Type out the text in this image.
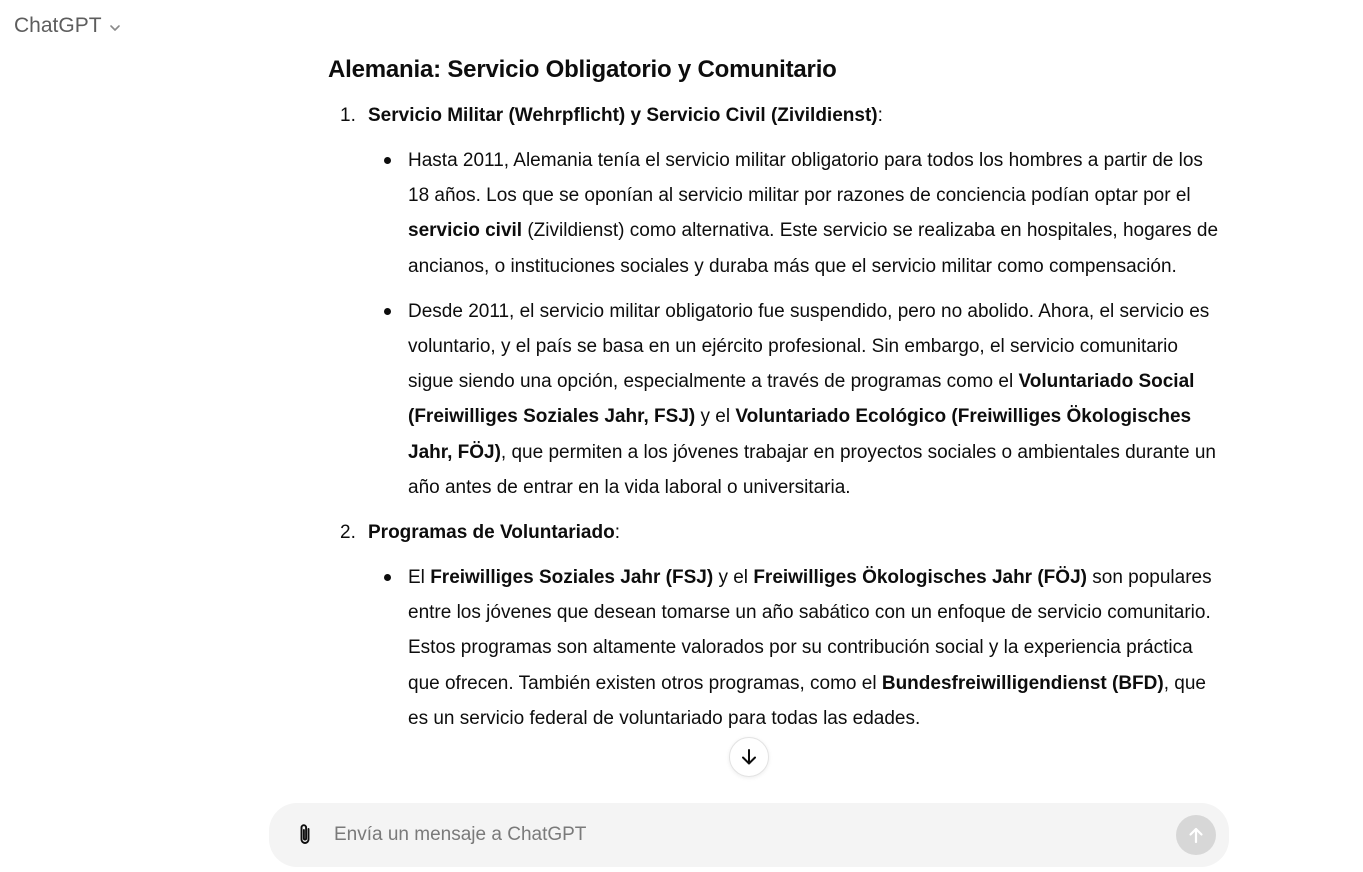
ChatGPT
Alemania: Servicio Obligatorio y Comunitario
1. Servicio Militar (Wehrpflicht) y Servicio Civil (Zivildienst):

Hasta 2011, Alemania tenía el servicio militar obligatorio para todos los hombres a partir de los 18 años. Los que se oponían al servicio militar por razones de conciencia podían optar por el servicio civil (Zivildienst) como alternativa. Este servicio se realizaba en hospitales, hogares de ancianos, o instituciones sociales y duraba más que el servicio militar como compensación.
Desde 2011, el servicio militar obligatorio fue suspendido, pero no abolido. Ahora, el servicio es voluntario, y el país se basa en un ejército profesional. Sin embargo, el servicio comunitario sigue siendo una opción, especialmente a través de programas como el Voluntariado Social (Freiwilliges Soziales Jahr, FSJ) y el Voluntariado Ecológico (Freiwilliges Ökologisches Jahr, FÖJ), que permiten a los jóvenes trabajar en proyectos sociales o ambientales durante un año antes de entrar en la vida laboral o universitaria.
2. Programas de Voluntariado:

El Freiwilliges Soziales Jahr (FSJ) y el Freiwilliges Ökologisches Jahr (FÖJ) son populares entre los jóvenes que desean tomarse un año sabático con un enfoque de servicio comunitario. Estos programas son altamente valorados por su contribución social y la experiencia práctica que ofrecen. También existen otros programas, como el Bundesfreiwilligendienst (BFD), que es un servicio federal de voluntariado para todas las edades.
Envía un mensaje a ChatGPT
